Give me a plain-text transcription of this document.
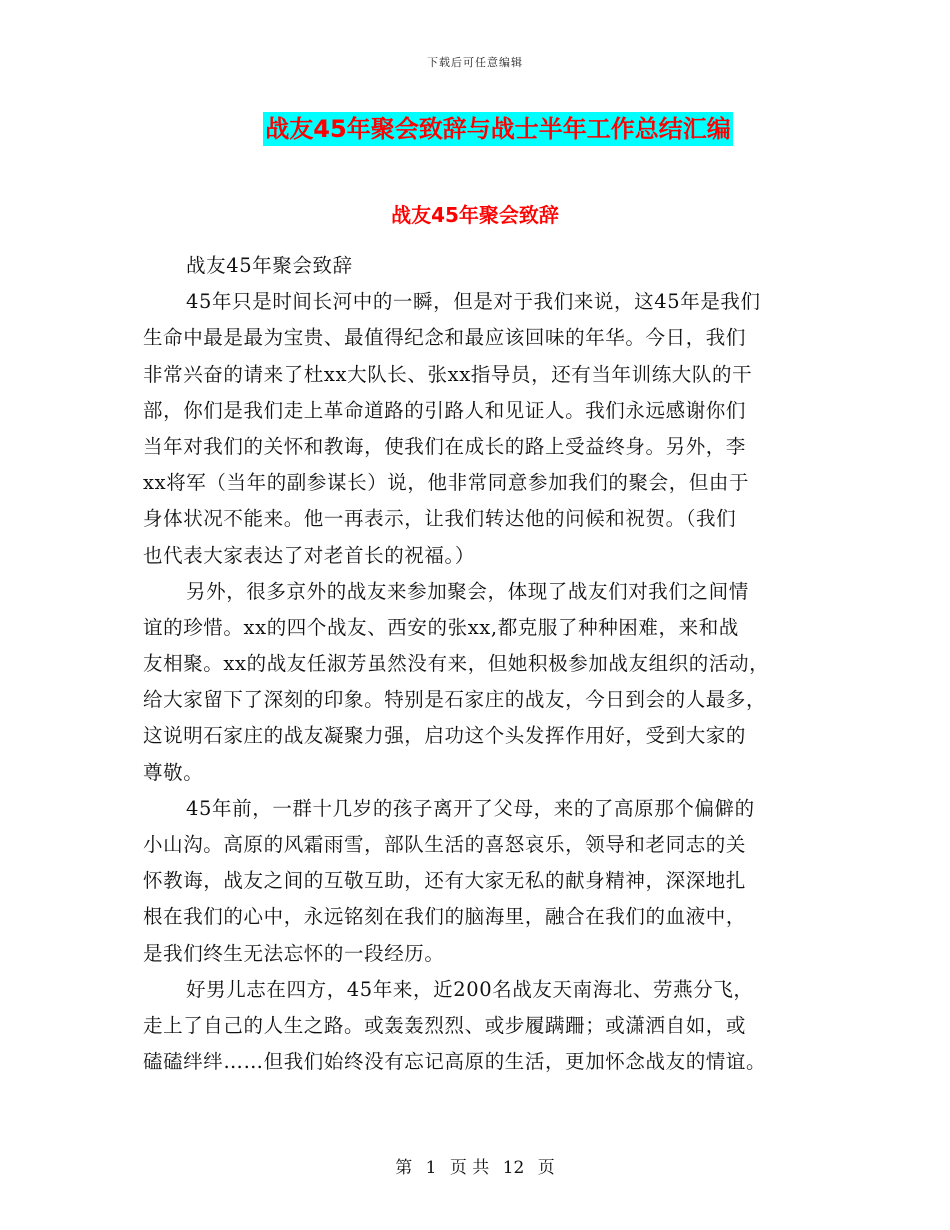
下载后可任意编辑
战友45年聚会致辞与战士半年工作总结汇编
战友45年聚会致辞
战友45年聚会致辞
45年只是时间长河中的一瞬，但是对于我们来说，这45年是我们
生命中最是最为宝贵、最值得纪念和最应该回味的年华。今日，我们
非常兴奋的请来了杜xx大队长、张xx指导员，还有当年训练大队的干
部，你们是我们走上革命道路的引路人和见证人。我们永远感谢你们
当年对我们的关怀和教诲，使我们在成长的路上受益终身。另外，李
xx将军（当年的副参谋长）说，他非常同意参加我们的聚会，但由于
身体状况不能来。他一再表示，让我们转达他的问候和祝贺。（我们
也代表大家表达了对老首长的祝福。）
另外，很多京外的战友来参加聚会，体现了战友们对我们之间情
谊的珍惜。xx的四个战友、西安的张xx,都克服了种种困难，来和战
友相聚。xx的战友任淑芳虽然没有来，但她积极参加战友组织的活动，
给大家留下了深刻的印象。特别是石家庄的战友，今日到会的人最多，
这说明石家庄的战友凝聚力强，启功这个头发挥作用好，受到大家的
尊敬。
45年前，一群十几岁的孩子离开了父母，来的了高原那个偏僻的
小山沟。高原的风霜雨雪，部队生活的喜怒哀乐，领导和老同志的关
怀教诲，战友之间的互敬互助，还有大家无私的献身精神，深深地扎
根在我们的心中，永远铭刻在我们的脑海里，融合在我们的血液中，
是我们终生无法忘怀的一段经历。
好男儿志在四方，45年来，近200名战友天南海北、劳燕分飞，
走上了自己的人生之路。或轰轰烈烈、或步履蹒跚；或潇洒自如，或
磕磕绊绊……但我们始终没有忘记高原的生活，更加怀念战友的情谊。
第 1 页 共 12 页
